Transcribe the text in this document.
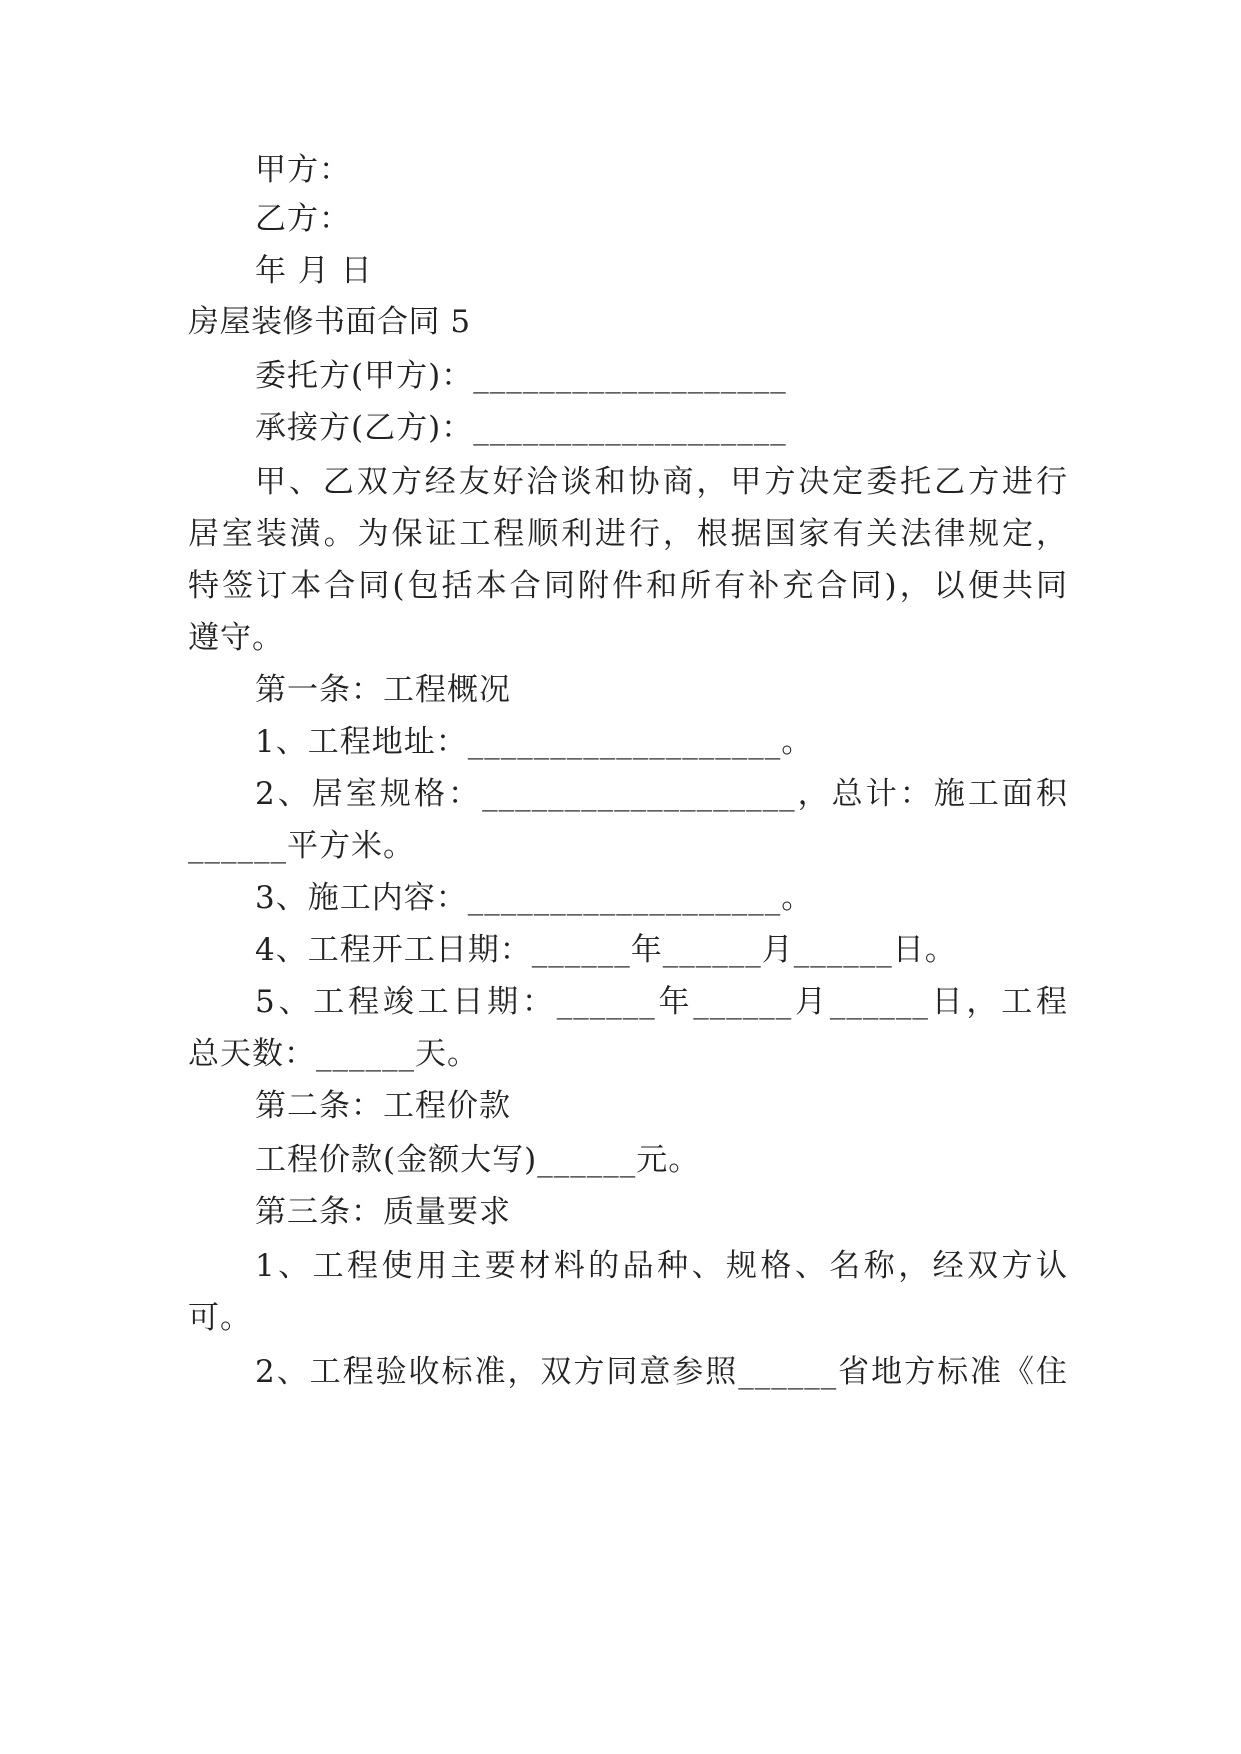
甲方：
乙方：
年 月 日
房屋装修书面合同 5
委托方(甲方)：___________________
承接方(乙方)：___________________
甲、乙双方经友好洽谈和协商，甲方决定委托乙方进行
居室装潢。为保证工程顺利进行，根据国家有关法律规定，
特签订本合同(包括本合同附件和所有补充合同)，以便共同
遵守。
第一条：工程概况
1、工程地址：___________________。
2、居室规格：___________________，总计：施工面积
______平方米。
3、施工内容：___________________。
4、工程开工日期：______年______月______日。
5、工程竣工日期：______年______月______日，工程
总天数：______天。
第二条：工程价款
工程价款(金额大写)______元。
第三条：质量要求
1、工程使用主要材料的品种、规格、名称，经双方认
可。
2、工程验收标准，双方同意参照______省地方标准《住
